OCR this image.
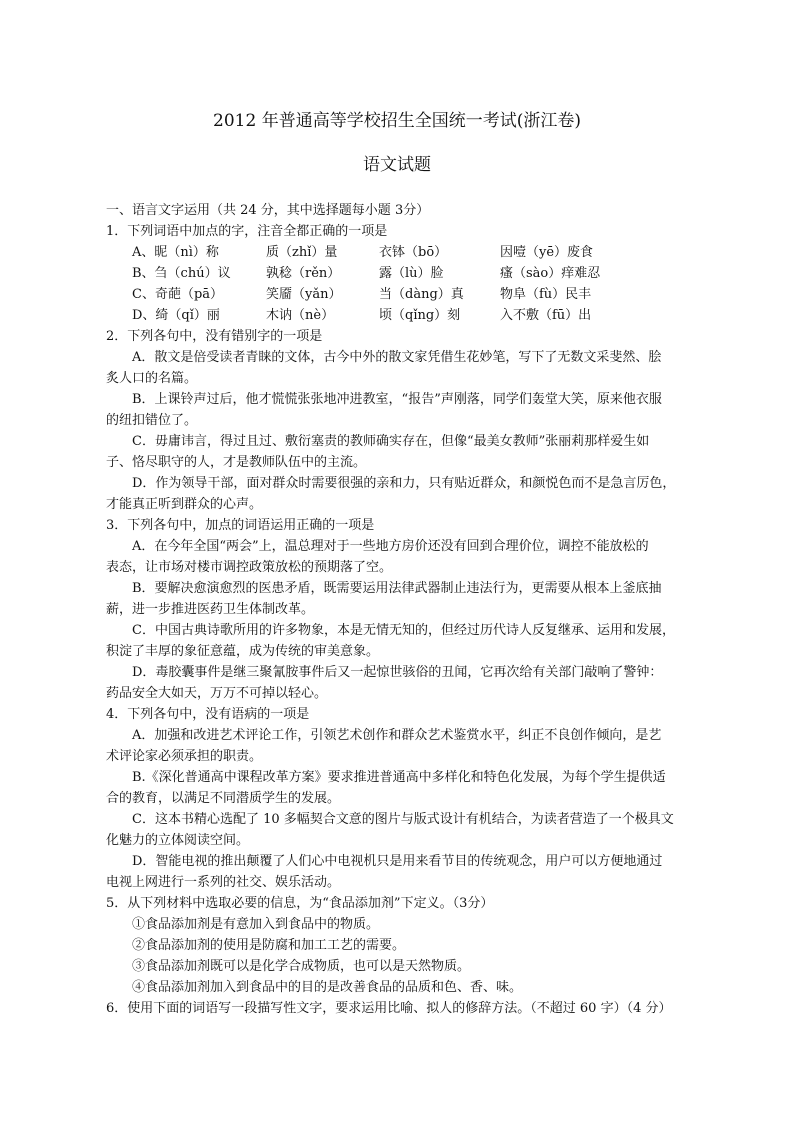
2012 年普通高等学校招生全国统一考试(浙江卷)
语文试题

一、语言文字运用（共 24 分，其中选择题每小题 3分）

1．下列词语中加点的字，注音全都正确的一项是

A、昵（nì）称	质（zhǐ）量	衣钵（bō）	因噎（yē）废食
B、刍（chú）议	孰稔（rěn）	露（lù）脸	瘙（sào）痒难忍
C、奇葩（pā）	笑靥（yǎn）	当（dàng）真	物阜（fù）民丰
D、绮（qǐ）丽	木讷（nè）	顷（qǐng）刻	入不敷（fū）出

2．下列各句中，没有错别字的一项是

A．散文是倍受读者青睐的文体，古今中外的散文家凭借生花妙笔，写下了无数文采斐然、脍

炙人口的名篇。

B．上课铃声过后，他才慌慌张张地冲进教室，“报告”声刚落，同学们轰堂大笑，原来他衣服

的纽扣错位了。

C．毋庸讳言，得过且过、敷衍塞责的教师确实存在，但像“最美女教师”张丽莉那样爱生如

子、恪尽职守的人，才是教师队伍中的主流。

D．作为领导干部，面对群众时需要很强的亲和力，只有贴近群众，和颜悦色而不是急言厉色，

才能真正听到群众的心声。

3．下列各句中，加点的词语运用正确的一项是

A．在今年全国“两会”上，温总理对于一些地方房价还没有回到合理价位，调控不能放松的

表态，让市场对楼市调控政策放松的预期落了空。

B．要解决愈演愈烈的医患矛盾，既需要运用法律武器制止违法行为，更需要从根本上釜底抽

薪，进一步推进医药卫生体制改革。

C．中国古典诗歌所用的许多物象，本是无情无知的，但经过历代诗人反复继承、运用和发展，

积淀了丰厚的象征意蕴，成为传统的审美意象。

D．毒胶囊事件是继三聚氰胺事件后又一起惊世骇俗的丑闻，它再次给有关部门敲响了警钟：

药品安全大如天，万万不可掉以轻心。

4．下列各句中，没有语病的一项是

A．加强和改进艺术评论工作，引领艺术创作和群众艺术鉴赏水平，纠正不良创作倾向，是艺

术评论家必须承担的职责。

B.《深化普通高中课程改革方案》要求推进普通高中多样化和特色化发展，为每个学生提供适

合的教育，以满足不同潜质学生的发展。

C．这本书精心选配了 10 多幅契合文意的图片与版式设计有机结合，为读者营造了一个极具文

化魅力的立体阅读空间。

D．智能电视的推出颠覆了人们心中电视机只是用来看节目的传统观念，用户可以方便地通过

电视上网进行一系列的社交、娱乐活动。

5．从下列材料中选取必要的信息，为“食品添加剂”下定义。（3分）

①食品添加剂是有意加入到食品中的物质。

②食品添加剂的使用是防腐和加工工艺的需要。

③食品添加剂既可以是化学合成物质，也可以是天然物质。

④食品添加剂加入到食品中的目的是改善食品的品质和色、香、味。

6．使用下面的词语写一段描写性文字，要求运用比喻、拟人的修辞方法。（不超过 60 字）（4 分）
